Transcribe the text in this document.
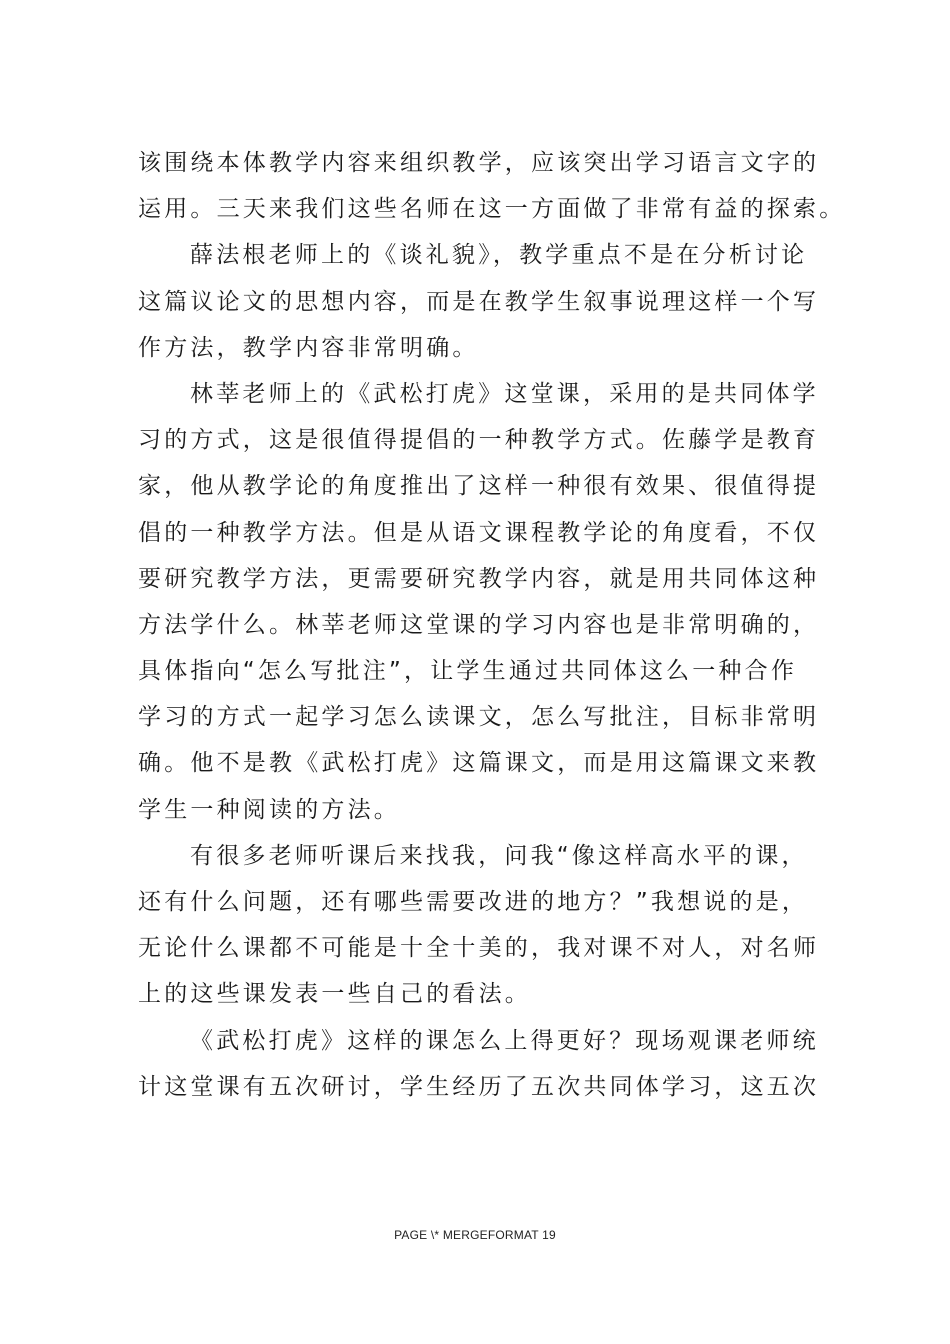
该围绕本体教学内容来组织教学，应该突出学习语言文字的
运用。三天来我们这些名师在这一方面做了非常有益的探索。
薛法根老师上的《谈礼貌》，教学重点不是在分析讨论
这篇议论文的思想内容，而是在教学生叙事说理这样一个写
作方法，教学内容非常明确。
林莘老师上的《武松打虎》这堂课，采用的是共同体学
习的方式，这是很值得提倡的一种教学方式。佐藤学是教育
家，他从教学论的角度推出了这样一种很有效果、很值得提
倡的一种教学方法。但是从语文课程教学论的角度看，不仅
要研究教学方法，更需要研究教学内容，就是用共同体这种
方法学什么。林莘老师这堂课的学习内容也是非常明确的，
具体指向“怎么写批注”，让学生通过共同体这么一种合作
学习的方式一起学习怎么读课文，怎么写批注，目标非常明
确。他不是教《武松打虎》这篇课文，而是用这篇课文来教
学生一种阅读的方法。
有很多老师听课后来找我，问我“像这样高水平的课，
还有什么问题，还有哪些需要改进的地方？”我想说的是，
无论什么课都不可能是十全十美的，我对课不对人，对名师
上的这些课发表一些自己的看法。
《武松打虎》这样的课怎么上得更好？现场观课老师统
计这堂课有五次研讨，学生经历了五次共同体学习，这五次
PAGE \* MERGEFORMAT 19
